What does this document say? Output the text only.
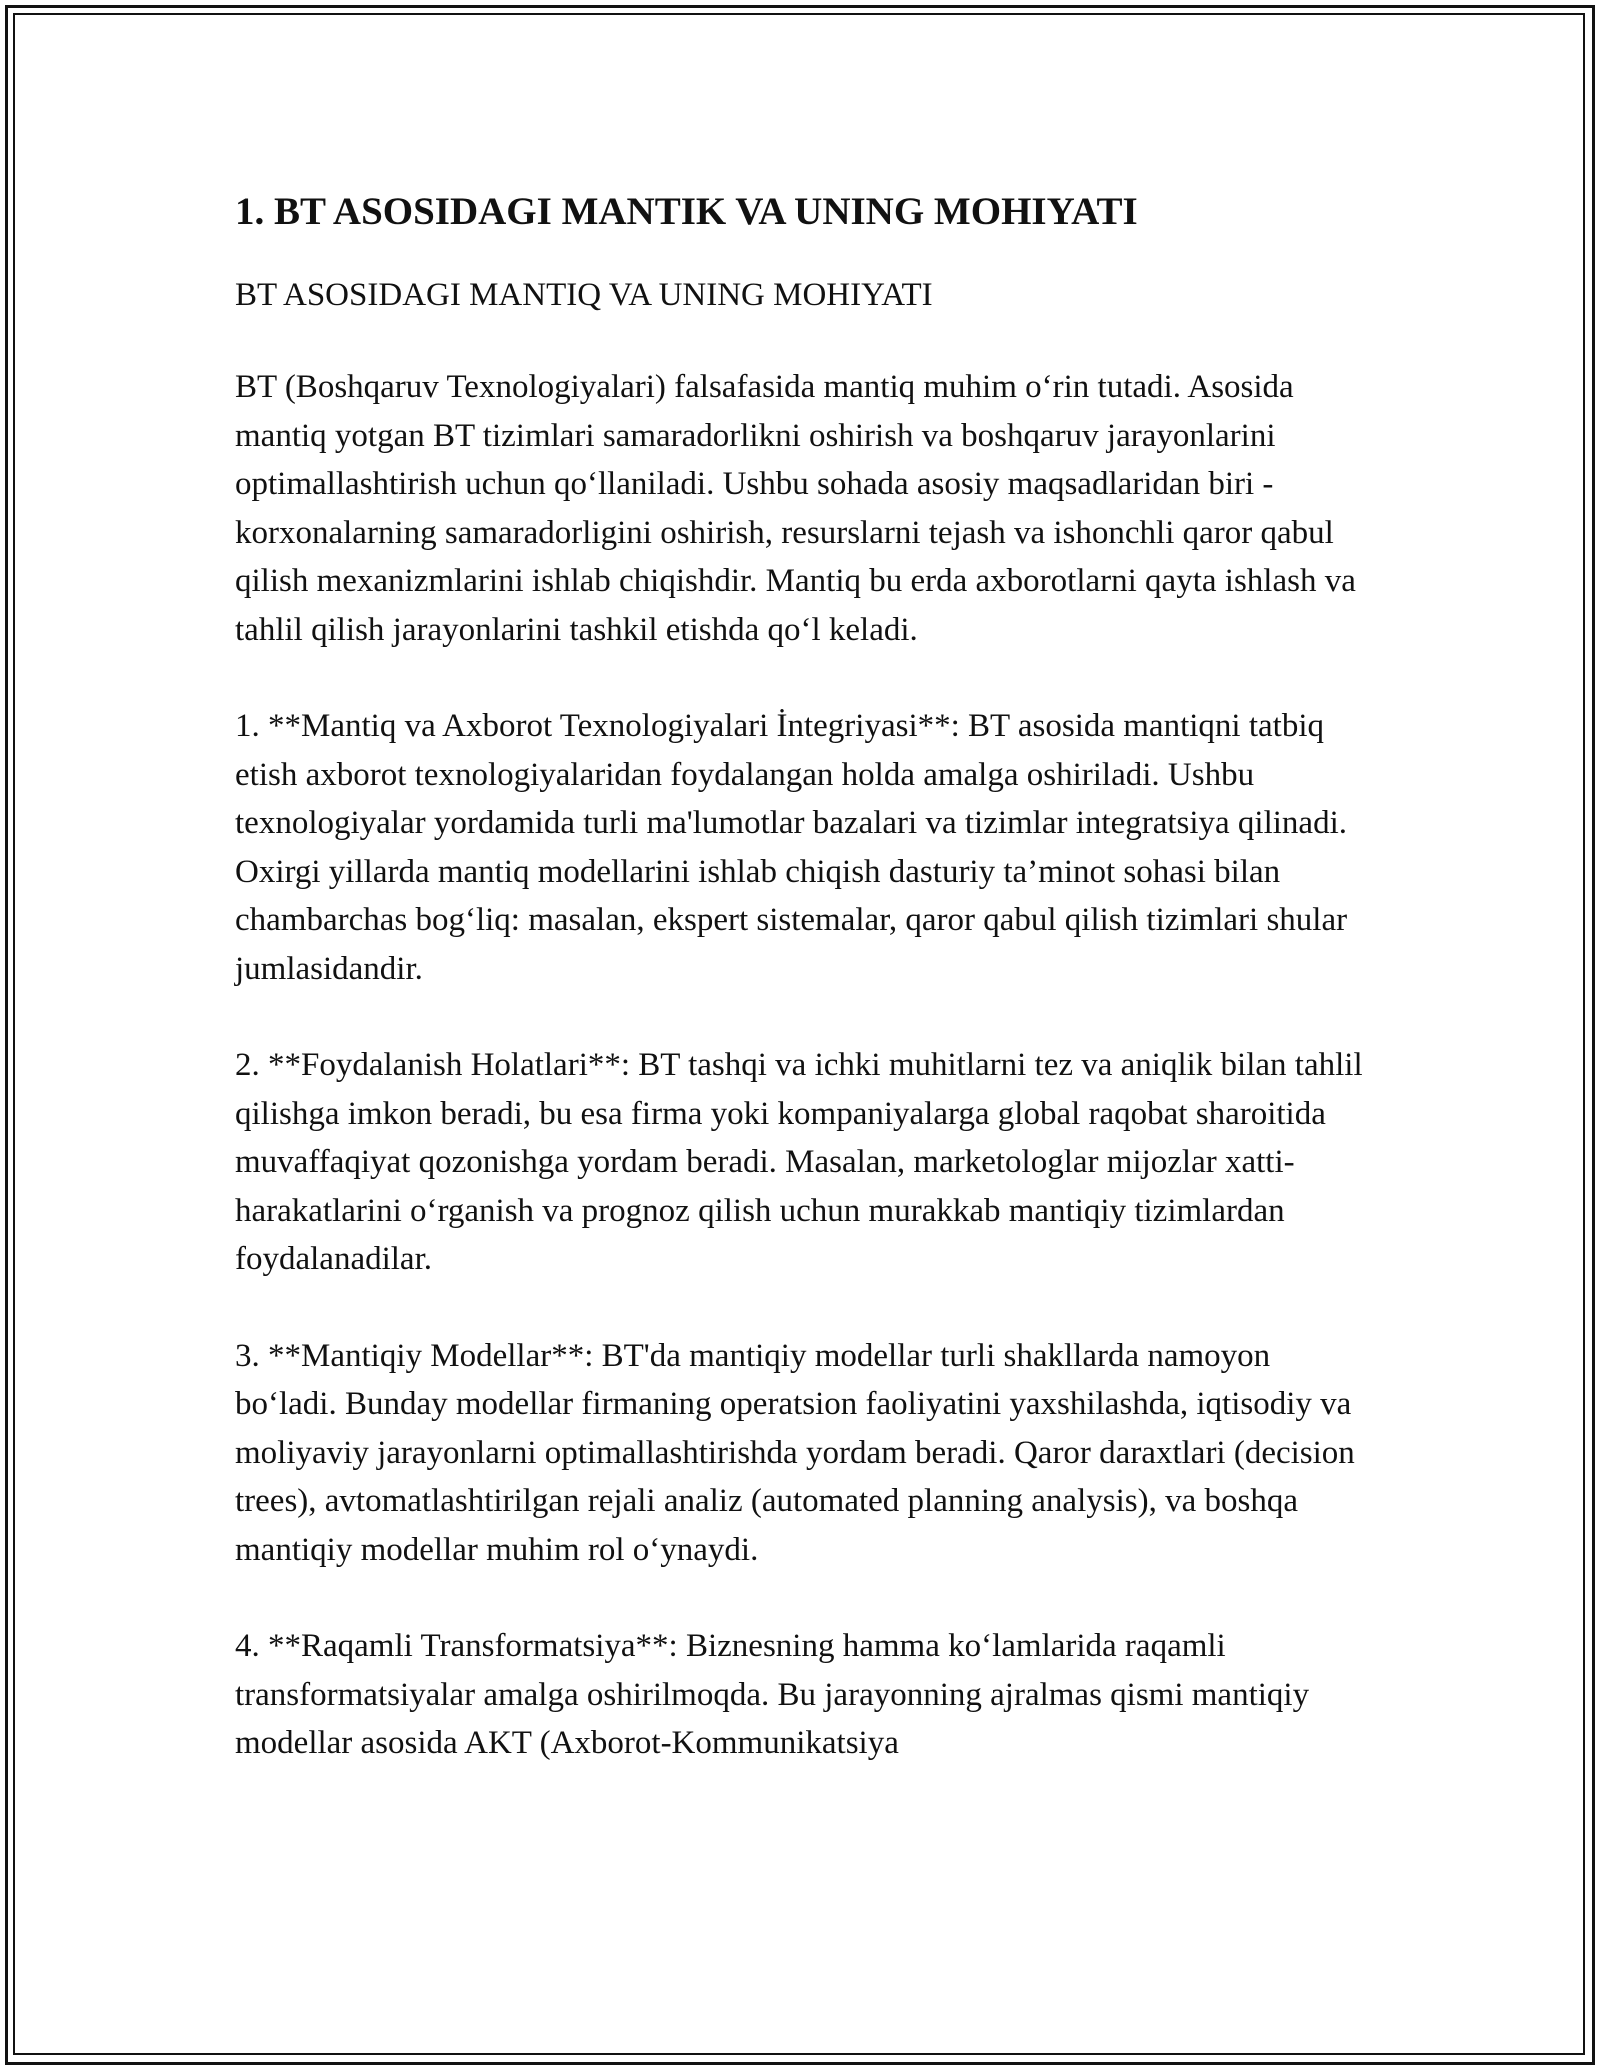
1. BT ASOSIDAGI MANTIK VA UNING MOHIYATI
BT ASOSIDAGI MANTIQ VA UNING MOHIYATI

BT (Boshqaruv Texnologiyalari) falsafasida mantiq muhim o‘rin tutadi. Asosida mantiq yotgan BT tizimlari samaradorlikni oshirish va boshqaruv jarayonlarini optimallashtirish uchun qo‘llaniladi. Ushbu sohada asosiy maqsadlaridan biri - korxonalarning samaradorligini oshirish, resurslarni tejash va ishonchli qaror qabul qilish mexanizmlarini ishlab chiqishdir. Mantiq bu erda axborotlarni qayta ishlash va tahlil qilish jarayonlarini tashkil etishda qo‘l keladi.

1. **Mantiq va Axborot Texnologiyalari İntegriyasi**: BT asosida mantiqni tatbiq etish axborot texnologiyalaridan foydalangan holda amalga oshiriladi. Ushbu texnologiyalar yordamida turli ma'lumotlar bazalari va tizimlar integratsiya qilinadi. Oxirgi yillarda mantiq modellarini ishlab chiqish dasturiy ta’minot sohasi bilan chambarchas bog‘liq: masalan, ekspert sistemalar, qaror qabul qilish tizimlari shular jumlasidandir.

2. **Foydalanish Holatlari**: BT tashqi va ichki muhitlarni tez va aniqlik bilan tahlil qilishga imkon beradi, bu esa firma yoki kompaniyalarga global raqobat sharoitida muvaffaqiyat qozonishga yordam beradi. Masalan, marketologlar mijozlar xatti-harakatlarini o‘rganish va prognoz qilish uchun murakkab mantiqiy tizimlardan foydalanadilar.

3. **Mantiqiy Modellar**: BT'da mantiqiy modellar turli shakllarda namoyon bo‘ladi. Bunday modellar firmaning operatsion faoliyatini yaxshilashda, iqtisodiy va moliyaviy jarayonlarni optimallashtirishda yordam beradi. Qaror daraxtlari (decision trees), avtomatlashtirilgan rejali analiz (automated planning analysis), va boshqa mantiqiy modellar muhim rol o‘ynaydi.

4. **Raqamli Transformatsiya**: Biznesning hamma ko‘lamlarida raqamli transformatsiyalar amalga oshirilmoqda. Bu jarayonning ajralmas qismi mantiqiy modellar asosida AKT (Axborot-Kommunikatsiya
